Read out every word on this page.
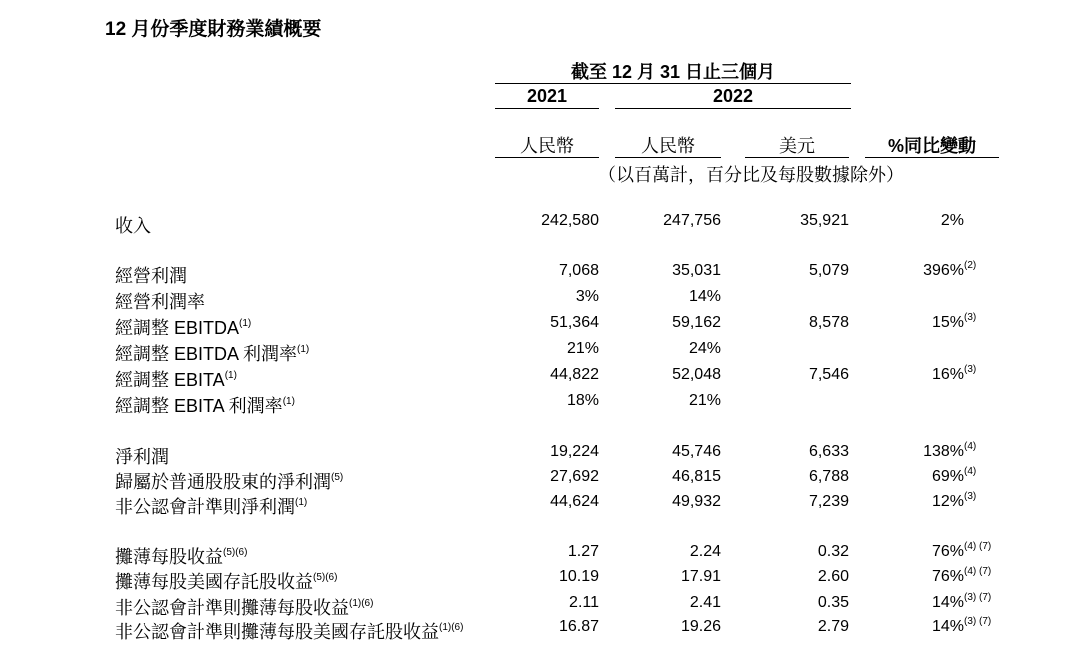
12 月份季度財務業績概要
截至 12 月 31 日止三個月
2021	2022
人民幣	人民幣	美元	%同比變動
（以百萬計，百分比及每股數據除外）
收入	242,580	247,756	35,921	2%
經營利潤	7,068	35,031	5,079	396%$^{(2)}$
經營利潤率	3%	14%
經調整 EBITDA$^{(1)}$	51,364	59,162	8,578	15%$^{(3)}$
經調整 EBITDA 利潤率$^{(1)}$	21%	24%
經調整 EBITA$^{(1)}$	44,822	52,048	7,546	16%$^{(3)}$
經調整 EBITA 利潤率$^{(1)}$	18%	21%
淨利潤	19,224	45,746	6,633	138%$^{(4)}$
歸屬於普通股股東的淨利潤$^{(5)}$	27,692	46,815	6,788	69%$^{(4)}$
非公認會計準則淨利潤$^{(1)}$	44,624	49,932	7,239	12%$^{(3)}$
攤薄每股收益$^{(5)(6)}$	1.27	2.24	0.32	76%$^{(4) (7)}$
攤薄每股美國存託股收益$^{(5)(6)}$	10.19	17.91	2.60	76%$^{(4) (7)}$
非公認會計準則攤薄每股收益$^{(1)(6)}$	2.11	2.41	0.35	14%$^{(3) (7)}$
非公認會計準則攤薄每股美國存託股收益$^{(1)(6)}$	16.87	19.26	2.79	14%$^{(3) (7)}$
